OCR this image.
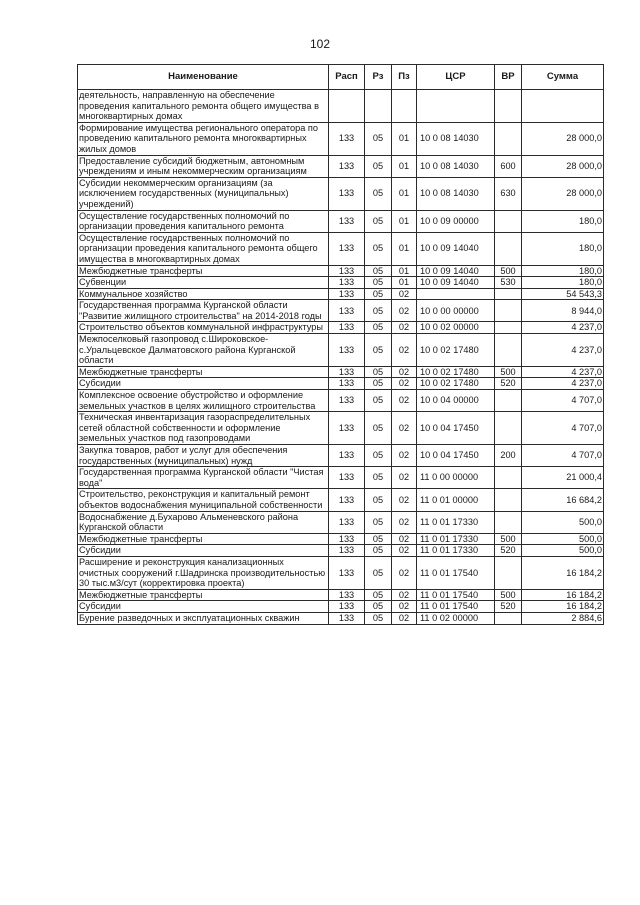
102
Наименование	Расп	Рз	Пз	ЦСР	ВР	Сумма
деятельность, направленную на обеспечение проведения капитального ремонта общего имущества в многоквартирных домах						
Формирование имущества регионального оператора по проведению капитального ремонта многоквартирных жилых домов	133	05	01	10 0 08 14030		28 000,0
Предоставление субсидий бюджетным, автономным учреждениям и иным некоммерческим организациям	133	05	01	10 0 08 14030	600	28 000,0
Субсидии некоммерческим организациям (за исключением государственных (муниципальных) учреждений)	133	05	01	10 0 08 14030	630	28 000,0
Осуществление государственных полномочий по организации проведения капитального ремонта	133	05	01	10 0 09 00000		180,0
Осуществление государственных полномочий по организации проведения капитального ремонта общего имущества в многоквартирных домах	133	05	01	10 0 09 14040		180,0
Межбюджетные трансферты	133	05	01	10 0 09 14040	500	180,0
Субвенции	133	05	01	10 0 09 14040	530	180,0
Коммунальное хозяйство	133	05	02			54 543,3
Государственная программа Курганской области "Развитие жилищного строительства" на 2014-2018 годы	133	05	02	10 0 00 00000		8 944,0
Строительство объектов коммунальной инфраструктуры	133	05	02	10 0 02 00000		4 237,0
Межпоселковый газопровод с.Широковское-с.Уральцевское Далматовского района Курганской области	133	05	02	10 0 02 17480		4 237,0
Межбюджетные трансферты	133	05	02	10 0 02 17480	500	4 237,0
Субсидии	133	05	02	10 0 02 17480	520	4 237,0
Комплексное освоение обустройство и оформление земельных участков в целях жилищного строительства	133	05	02	10 0 04 00000		4 707,0
Техническая инвентаризация газораспределительных сетей областной собственности и оформление земельных участков под газопроводами	133	05	02	10 0 04 17450		4 707,0
Закупка товаров, работ и услуг для обеспечения государственных (муниципальных) нужд	133	05	02	10 0 04 17450	200	4 707,0
Государственная программа Курганской области "Чистая вода"	133	05	02	11 0 00 00000		21 000,4
Строительство, реконструкция и капитальный ремонт объектов водоснабжения муниципальной собственности	133	05	02	11 0 01 00000		16 684,2
Водоснабжение д.Бухарово Альменевского района Курганской области	133	05	02	11 0 01 17330		500,0
Межбюджетные трансферты	133	05	02	11 0 01 17330	500	500,0
Субсидии	133	05	02	11 0 01 17330	520	500,0
Расширение и реконструкция канализационных очистных сооружений г.Шадринска производительностью 30 тыс.м3/сут (корректировка проекта)	133	05	02	11 0 01 17540		16 184,2
Межбюджетные трансферты	133	05	02	11 0 01 17540	500	16 184,2
Субсидии	133	05	02	11 0 01 17540	520	16 184,2
Бурение разведочных и эксплуатационных скважин	133	05	02	11 0 02 00000		2 884,6
